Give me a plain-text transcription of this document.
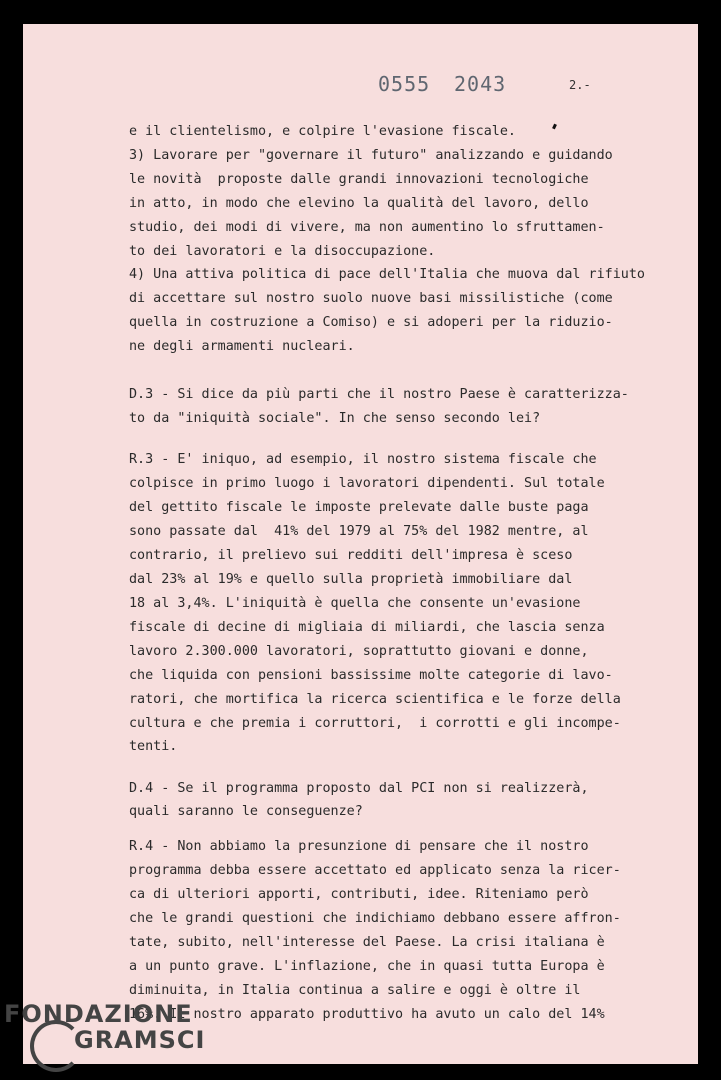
0555 2043	2.-
e il clientelismo, e colpire l'evasione fiscale.
3) Lavorare per "governare il futuro" analizzando e guidando
le novità  proposte dalle grandi innovazioni tecnologiche
in atto, in modo che elevino la qualità del lavoro, dello
studio, dei modi di vivere, ma non aumentino lo sfruttamen-
to dei lavoratori e la disoccupazione.
4) Una attiva politica di pace dell'Italia che muova dal rifiuto
di accettare sul nostro suolo nuove basi missilistiche (come
quella in costruzione a Comiso) e si adoperi per la riduzio-
ne degli armamenti nucleari.
D.3 - Si dice da più parti che il nostro Paese è caratterizza-
to da "iniquità sociale". In che senso secondo lei?
R.3 - E' iniquo, ad esempio, il nostro sistema fiscale che
colpisce in primo luogo i lavoratori dipendenti. Sul totale
del gettito fiscale le imposte prelevate dalle buste paga
sono passate dal  41% del 1979 al 75% del 1982 mentre, al
contrario, il prelievo sui redditi dell'impresa è sceso
dal 23% al 19% e quello sulla proprietà immobiliare dal
18 al 3,4%. L'iniquità è quella che consente un'evasione
fiscale di decine di migliaia di miliardi, che lascia senza
lavoro 2.300.000 lavoratori, soprattutto giovani e donne,
che liquida con pensioni bassissime molte categorie di lavo-
ratori, che mortifica la ricerca scientifica e le forze della
cultura e che premia i corruttori,  i corrotti e gli incompe-
tenti.
D.4 - Se il programma proposto dal PCI non si realizzerà,
quali saranno le conseguenze?
R.4 - Non abbiamo la presunzione di pensare che il nostro
programma debba essere accettato ed applicato senza la ricer-
ca di ulteriori apporti, contributi, idee. Riteniamo però
che le grandi questioni che indichiamo debbano essere affron-
tate, subito, nell'interesse del Paese. La crisi italiana è
a un punto grave. L'inflazione, che in quasi tutta Europa è
diminuita, in Italia continua a salire e oggi è oltre il
16%. Il nostro apparato produttivo ha avuto un calo del 14%
FONDAZIONE
GRAMSCI
